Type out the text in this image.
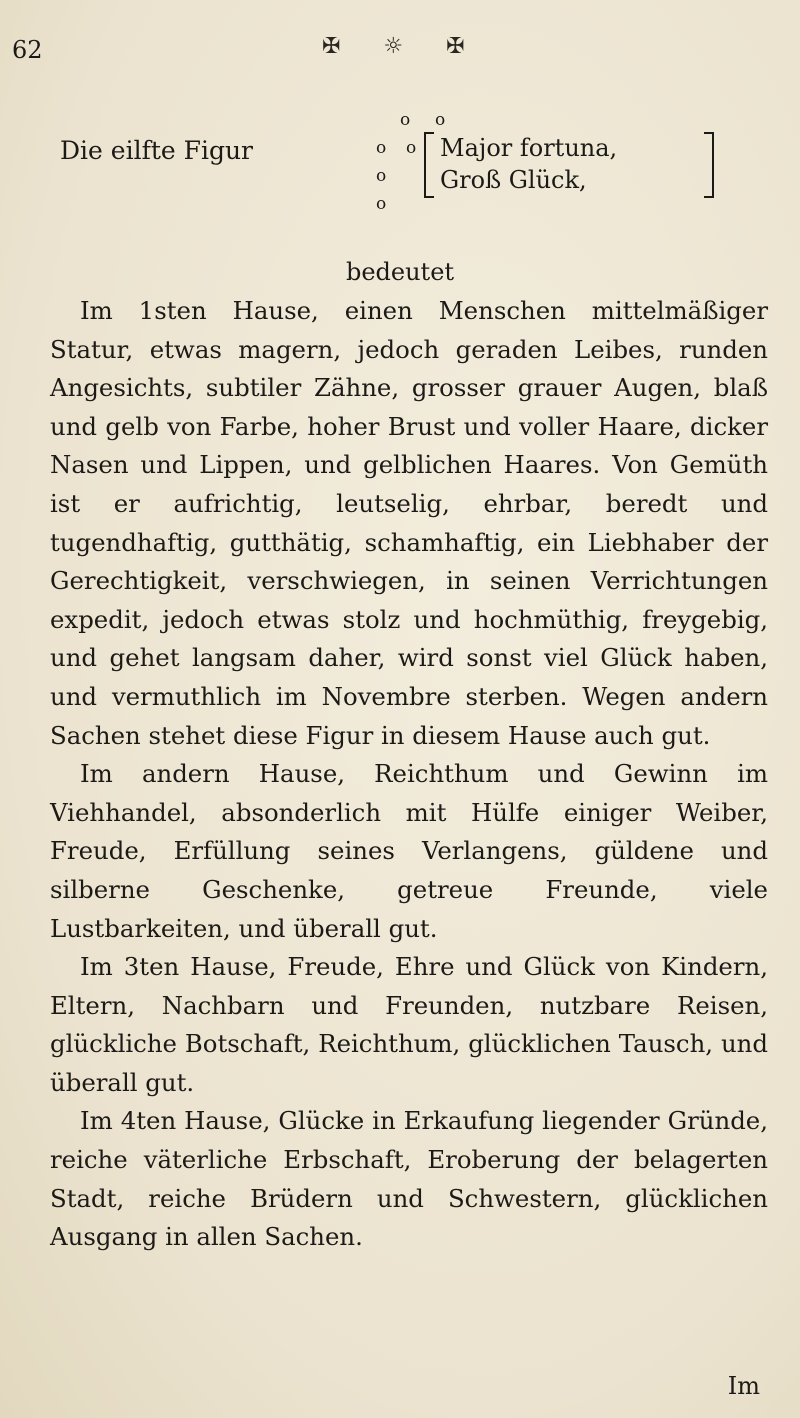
62	✠ ☼ ✠
o o
o o
o
o
Die eilfte Figur	Major fortuna,
Groß Glück,
bedeutet

Im 1sten Hause, einen Menschen mittelmäßiger Statur, etwas magern, jedoch geraden Leibes, runden Angesichts, subtiler Zähne, grosser grauer Augen, blaß und gelb von Farbe, hoher Brust und voller Haare, dicker Nasen und Lippen, und gelblichen Haares. Von Gemüth ist er aufrichtig, leutselig, ehrbar, beredt und tugendhaftig, gutthätig, schamhaftig, ein Liebhaber der Gerechtigkeit, verschwiegen, in seinen Verrichtungen expedit, jedoch etwas stolz und hochmüthig, freygebig, und gehet langsam daher, wird sonst viel Glück haben, und vermuthlich im Novembre sterben. Wegen andern Sachen stehet diese Figur in diesem Hause auch gut.

Im andern Hause, Reichthum und Gewinn im Viehhandel, absonderlich mit Hülfe einiger Weiber, Freude, Erfüllung seines Verlangens, güldene und silberne Geschenke, getreue Freunde, viele Lustbarkeiten, und überall gut.

Im 3ten Hause, Freude, Ehre und Glück von Kindern, Eltern, Nachbarn und Freunden, nutzbare Reisen, glückliche Botschaft, Reichthum, glücklichen Tausch, und überall gut.

Im 4ten Hause, Glücke in Erkaufung liegender Gründe, reiche väterliche Erbschaft, Eroberung der belagerten Stadt, reiche Brüdern und Schwestern, glücklichen Ausgang in allen Sachen.

Im
